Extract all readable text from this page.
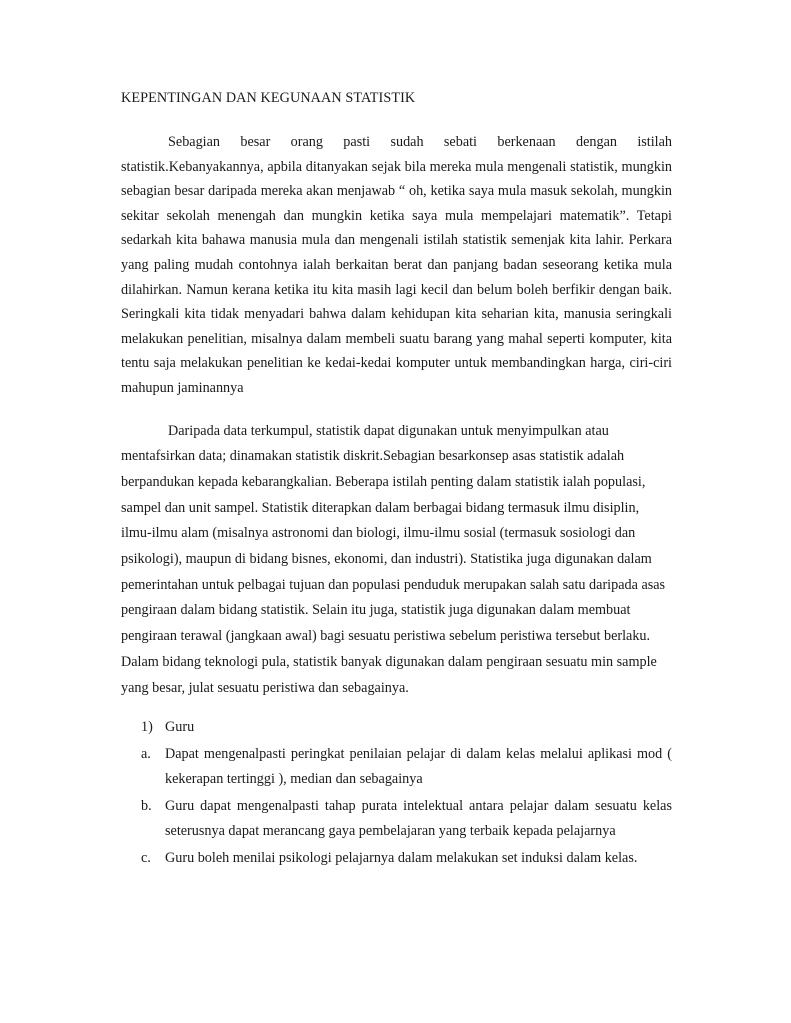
KEPENTINGAN DAN KEGUNAAN STATISTIK

Sebagian besar orang pasti sudah sebati berkenaan dengan istilah statistik.Kebanyakannya, apbila ditanyakan sejak bila mereka mula mengenali statistik, mungkin sebagian besar daripada mereka akan menjawab “ oh, ketika saya mula masuk sekolah, mungkin sekitar sekolah menengah dan mungkin ketika saya mula mempelajari matematik”. Tetapi sedarkah kita bahawa manusia mula dan mengenali istilah statistik semenjak kita lahir. Perkara yang paling mudah contohnya ialah berkaitan berat dan panjang badan seseorang ketika mula dilahirkan. Namun kerana ketika itu kita masih lagi kecil dan belum boleh berfikir dengan baik. Seringkali kita tidak menyadari bahwa dalam kehidupan kita seharian kita, manusia seringkali melakukan penelitian, misalnya dalam membeli suatu barang yang mahal seperti komputer, kita tentu saja melakukan penelitian ke kedai-kedai komputer untuk membandingkan harga, ciri-ciri mahupun jaminannya

Daripada data terkumpul, statistik dapat digunakan untuk menyimpulkan atau mentafsirkan data; dinamakan statistik diskrit.Sebagian besarkonsep asas statistik adalah berpandukan kepada kebarangkalian. Beberapa istilah penting dalam statistik ialah populasi, sampel dan unit sampel. Statistik diterapkan dalam berbagai bidang termasuk ilmu disiplin, ilmu-ilmu alam (misalnya astronomi dan biologi, ilmu-ilmu sosial (termasuk sosiologi dan psikologi), maupun di bidang bisnes, ekonomi, dan industri). Statistika juga digunakan dalam pemerintahan untuk pelbagai tujuan dan populasi penduduk merupakan salah satu daripada asas pengiraan dalam bidang statistik. Selain itu juga, statistik juga digunakan dalam membuat pengiraan terawal (jangkaan awal) bagi sesuatu peristiwa sebelum peristiwa tersebut berlaku. Dalam bidang teknologi pula, statistik banyak digunakan dalam pengiraan sesuatu min sample yang besar, julat sesuatu peristiwa dan sebagainya.

1) Guru
a. Dapat mengenalpasti peringkat penilaian pelajar di dalam kelas melalui aplikasi mod ( kekerapan tertinggi ), median dan sebagainya
b. Guru dapat mengenalpasti tahap purata intelektual antara pelajar dalam sesuatu kelas seterusnya dapat merancang gaya pembelajaran yang terbaik kepada pelajarnya
c. Guru boleh menilai psikologi pelajarnya dalam melakukan set induksi dalam kelas.
